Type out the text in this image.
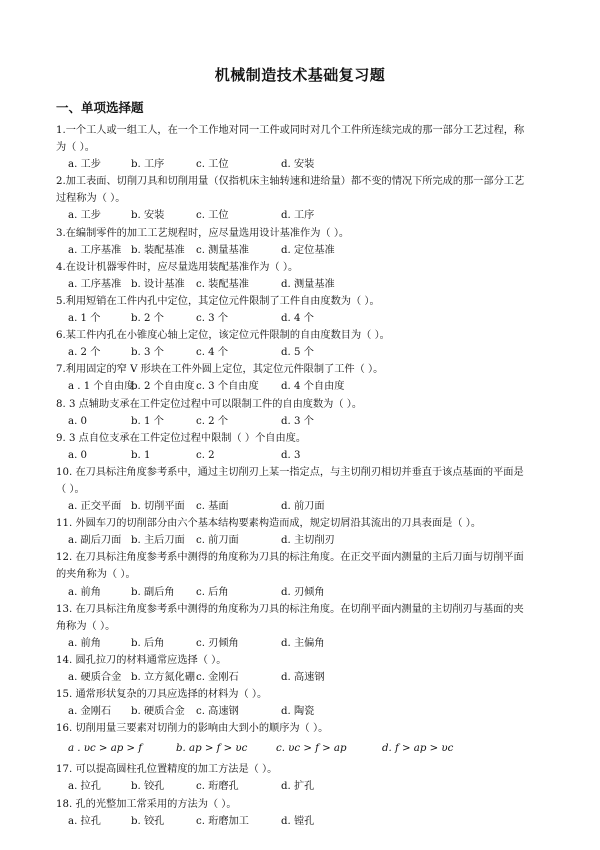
机械制造技术基础复习题
一、单项选择题
1.一个工人或一组工人，在一个工作地对同一工件或同时对几个工件所连续完成的那一部分工艺过程，称
为（ ）。
a. 工步	b. 工序	c. 工位	d. 安装
2.加工表面、切削刀具和切削用量（仅指机床主轴转速和进给量）都不变的情况下所完成的那一部分工艺
过程称为（ ）。
a. 工步	b. 安装	c. 工位	d. 工序
3.在编制零件的加工工艺规程时，应尽量选用设计基准作为（ ）。
a. 工序基准 b. 装配基准 c. 测量基准	d. 定位基准
4.在设计机器零件时，应尽量选用装配基准作为（ ）。
a. 工序基准 b. 设计基准 c. 装配基准	d. 测量基准
5.利用短销在工件内孔中定位，其定位元件限制了工件自由度数为（ ）。
a. 1 个	b. 2 个	c. 3 个	d. 4 个
6.某工件内孔在小锥度心轴上定位，该定位元件限制的自由度数目为（ ）。
a. 2 个	b. 3 个	c. 4 个	d. 5 个
7.利用固定的窄 V 形块在工件外圆上定位，其定位元件限制了工件（ ）。
a . 1 个自由度
b. 2 个自由度 c. 3 个自由度 d. 4 个自由度
8. 3 点辅助支承在工件定位过程中可以限制工件的自由度数为（ ）。
a. 0	b. 1 个	c. 2 个	d. 3 个
9. 3 点自位支承在工件定位过程中限制（ ）个自由度。
a. 0	b. 1	c. 2	d. 3
10. 在刀具标注角度参考系中，通过主切削刃上某一指定点，与主切削刃相切并垂直于该点基面的平面是
（ ）。
a. 正交平面 b. 切削平面 c. 基面	d. 前刀面
11. 外圆车刀的切削部分由六个基本结构要素构造而成，规定切屑沿其流出的刀具表面是（ ）。
a. 副后刀面 b. 主后刀面 c. 前刀面	d. 主切削刃
12. 在刀具标注角度参考系中测得的角度称为刀具的标注角度。在正交平面内测量的主后刀面与切削平面
的夹角称为（ ）。
a. 前角	b. 副后角 c. 后角	d. 刃倾角
13. 在刀具标注角度参考系中测得的角度称为刀具的标注角度。在切削平面内测量的主切削刃与基面的夹
角称为（ ）。
a. 前角	b. 后角	c. 刃倾角	d. 主偏角
14. 圆孔拉刀的材料通常应选择（ ）。
a. 硬质合金 b. 立方氮化硼 c. 金刚石	d. 高速钢
15. 通常形状复杂的刀具应选择的材料为（ ）。
a. 金刚石 b. 硬质合金 c. 高速钢	d. 陶瓷
16. 切削用量三要素对切削力的影响由大到小的顺序为（ ）。
a . υc > ap > f	b. ap > f > υc	c. υc > f > ap	d. f > ap > υc
17. 可以提高圆柱孔位置精度的加工方法是（ ）。
a. 拉孔	b. 铰孔	c. 珩磨孔	d. 扩孔
18. 孔的光整加工常采用的方法为（ ）。
a. 拉孔	b. 铰孔	c. 珩磨加工	d. 镗孔
